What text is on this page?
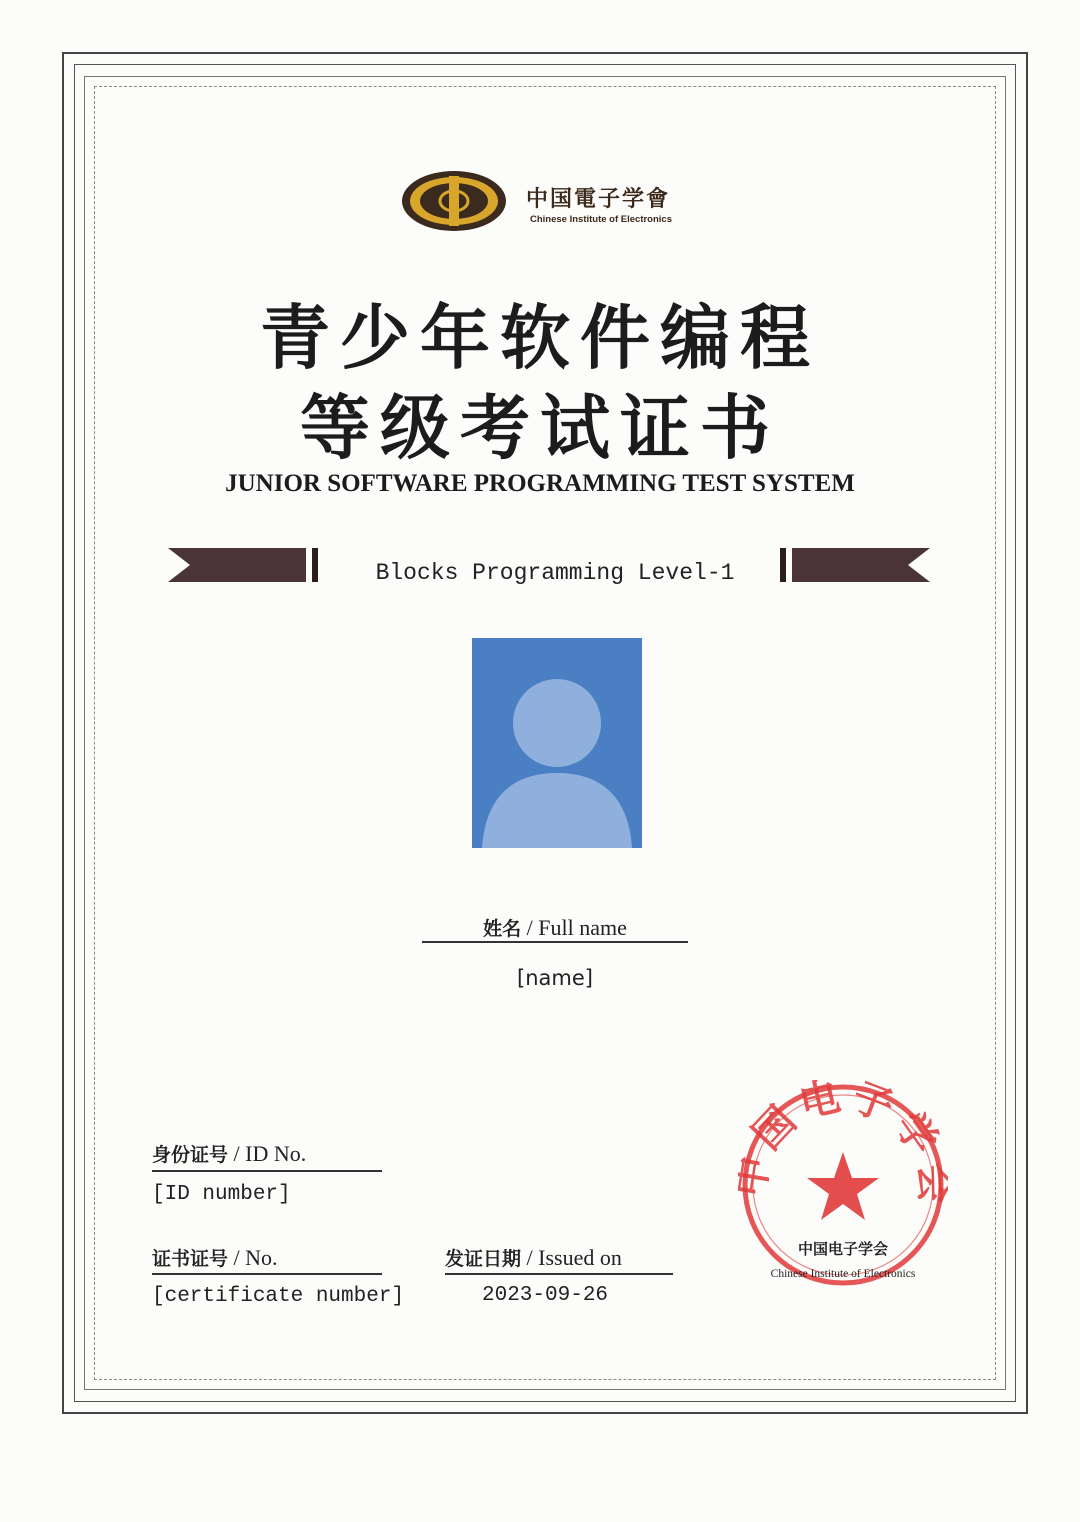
中国電子学會
Chinese Institute of Electronics
青少年软件编程
等级考试证书
JUNIOR SOFTWARE PROGRAMMING TEST SYSTEM
Blocks Programming Level-1
姓名 / Full name
[name]
身份证号 / ID No.
[ID number]
证书证号 / No.
[certificate number]
发证日期 / Issued on
2023-09-26
国电子学
中国电子学会
Chinese Institute of Electronics
